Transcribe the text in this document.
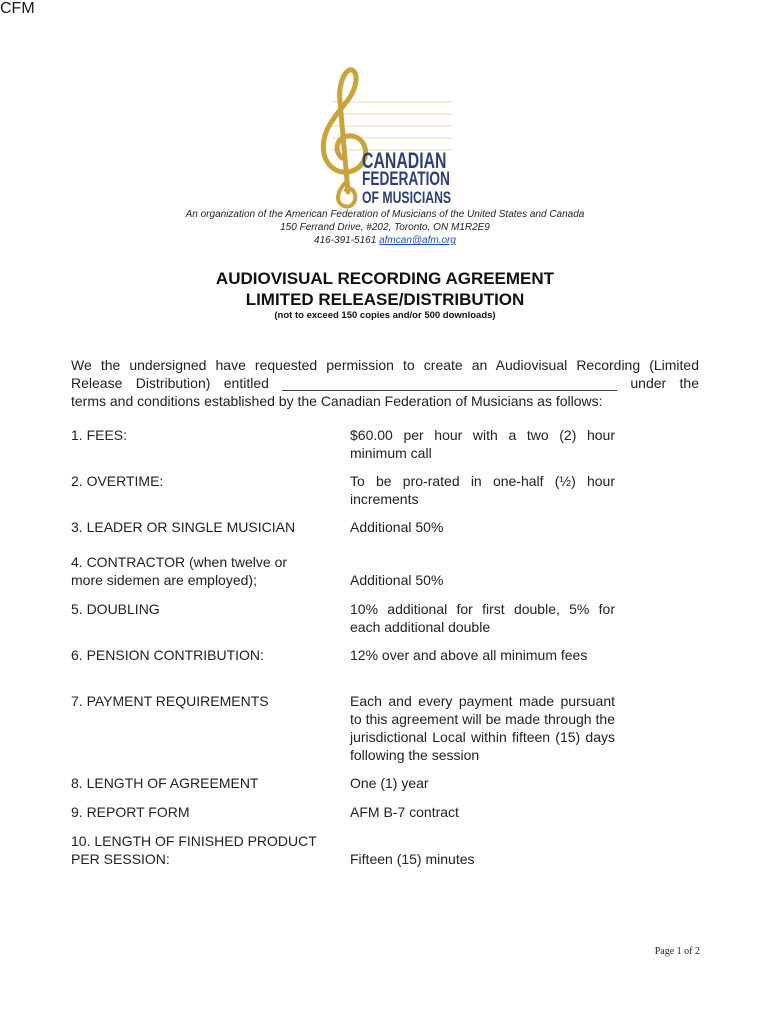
CFM
CANADIAN
FEDERATION
OF MUSICIANS
An organization of the American Federation of Musicians of the United States and Canada
150 Ferrand Drive, #202, Toronto, ON M1R2E9
416-391-5161 afmcan@afm.org
AUDIOVISUAL RECORDING AGREEMENT
LIMITED RELEASE/DISTRIBUTION
(not to exceed 150 copies and/or 500 downloads)
We the undersigned have requested permission to create an Audiovisual Recording (Limited
Release Distribution) entitled ___________________________________________ under the
terms and conditions established by the Canadian Federation of Musicians as follows:
1. FEES:	$60.00 per hour with a two (2) hour minimum call
2. OVERTIME:	To be pro-rated in one-half (½) hour increments
3. LEADER OR SINGLE MUSICIAN	Additional 50%
4. CONTRACTOR (when twelve or more sidemen are employed);	Additional 50%
5. DOUBLING	10% additional for first double, 5% for each additional double
6. PENSION CONTRIBUTION:	12% over and above all minimum fees
7. PAYMENT REQUIREMENTS	Each and every payment made pursuant to this agreement will be made through the jurisdictional Local within fifteen (15) days following the session
8. LENGTH OF AGREEMENT	One (1) year
9. REPORT FORM	AFM B-7 contract
10. LENGTH OF FINISHED PRODUCT PER SESSION:	Fifteen (15) minutes
Page 1 of 2
